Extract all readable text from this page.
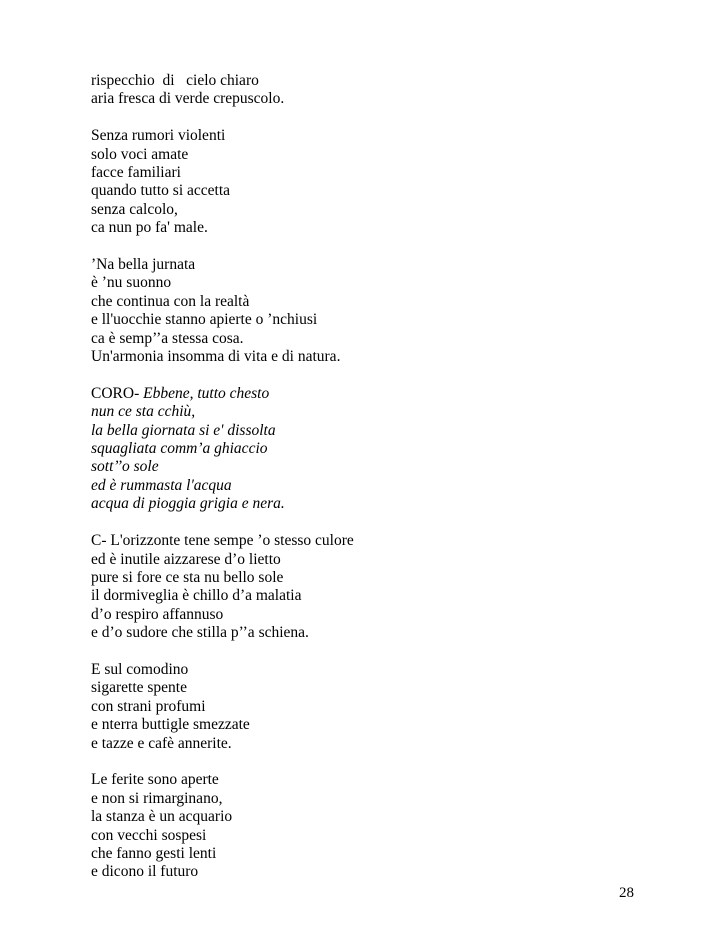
rispecchio  di   cielo chiaro
aria fresca di verde crepuscolo.
Senza rumori violenti
solo voci amate
facce familiari
quando tutto si accetta
senza calcolo,
ca nun po fa' male.
’Na bella jurnata
è ’nu suonno
che continua con la realtà
e ll'uocchie stanno apierte o ’nchiusi
ca è semp’’a stessa cosa.
Un'armonia insomma di vita e di natura.
CORO- Ebbene, tutto chesto
nun ce sta cchiù,
la bella giornata si e' dissolta
squagliata comm’a ghiaccio
sott’’o sole
ed è rummasta l'acqua
acqua di pioggia grigia e nera.
C- L'orizzonte tene sempe ’o stesso culore
ed è inutile aizzarese d’o lietto
pure si fore ce sta nu bello sole
il dormiveglia è chillo d’a malatia
d’o respiro affannuso
e d’o sudore che stilla p’’a schiena.
E sul comodino
sigarette spente
con strani profumi
e nterra buttigle smezzate
e tazze e cafè annerite.
Le ferite sono aperte
e non si rimarginano,
la stanza è un acquario
con vecchi sospesi
che fanno gesti lenti
e dicono il futuro
28
